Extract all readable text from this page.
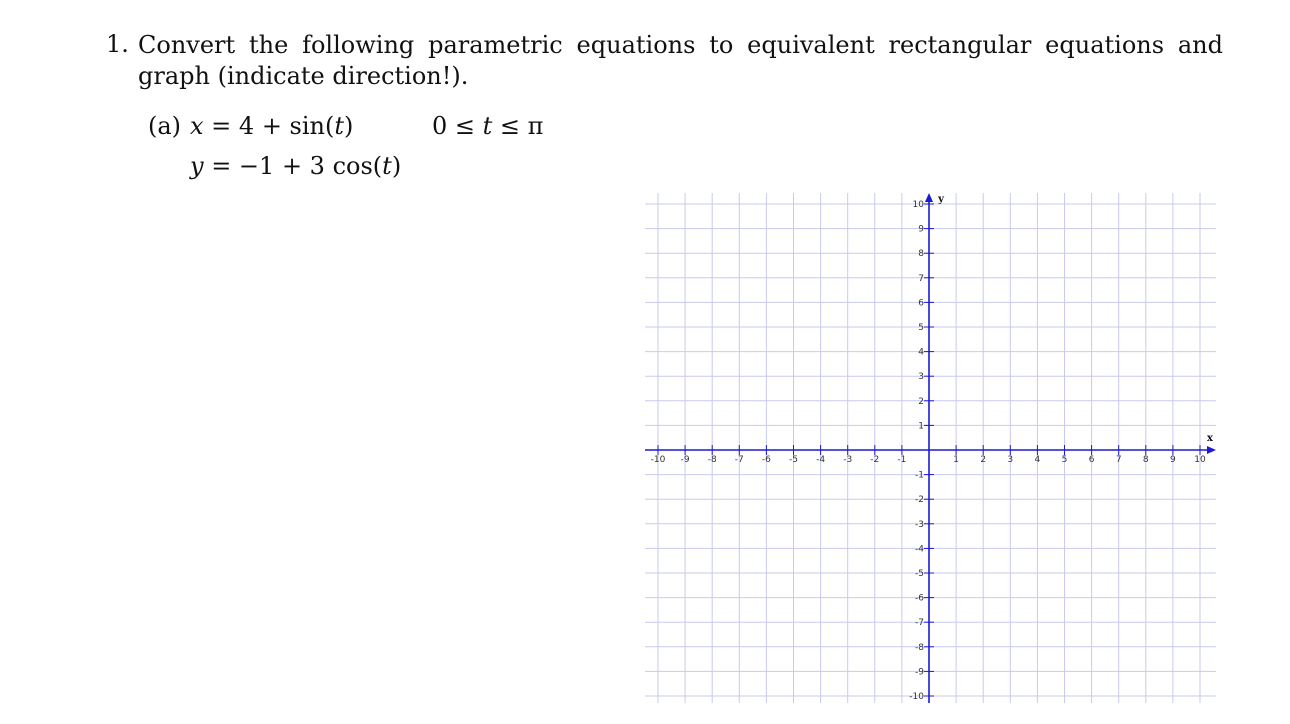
1. Convert the following parametric equations to equivalent rectangular equations and graph (indicate direction!).
(a) x = 4 + sin(t)	0 ≤ t ≤ π
y = −1 + 3 cos(t)
-10 -9 -8 -7 -6 -5 -4 -3 -2 -1	1 2 3 4 5 6 7 8 9 10
10
9
8
7
6
5
4
3
2
1
-1
-2
-3
-4
-5
-6
-7
-8
-9
-10
x
y
